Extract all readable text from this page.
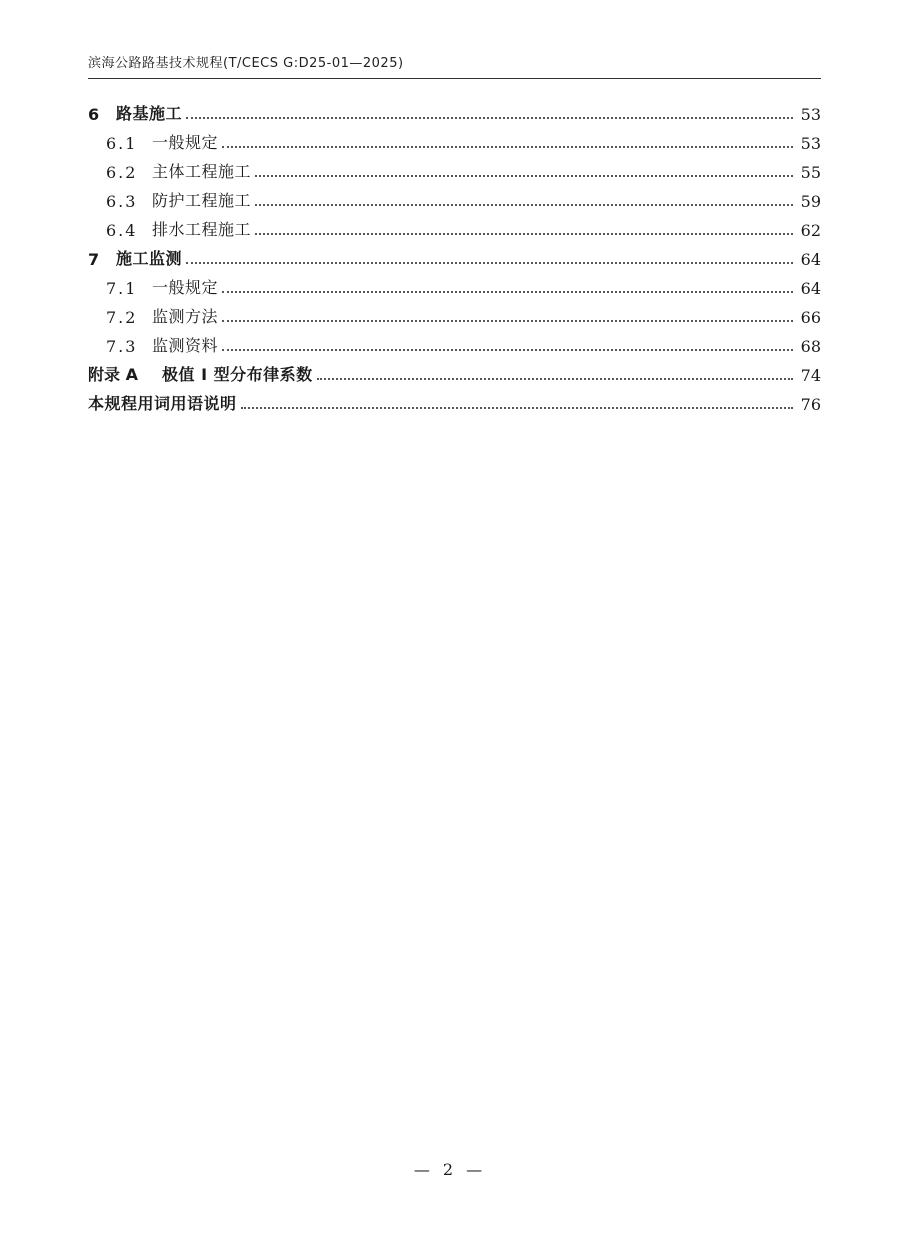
滨海公路路基技术规程(T/CECS G:D25-01—2025)
6	路基施工	53
6.1 一般规定	53
6.2 主体工程施工	55
6.3 防护工程施工	59
6.4 排水工程施工	62
7	施工监测	64
7.1 一般规定	64
7.2 监测方法	66
7.3 监测资料	68
附录 A	极值 I 型分布律系数	74
本规程用词用语说明	76
— 2 —
